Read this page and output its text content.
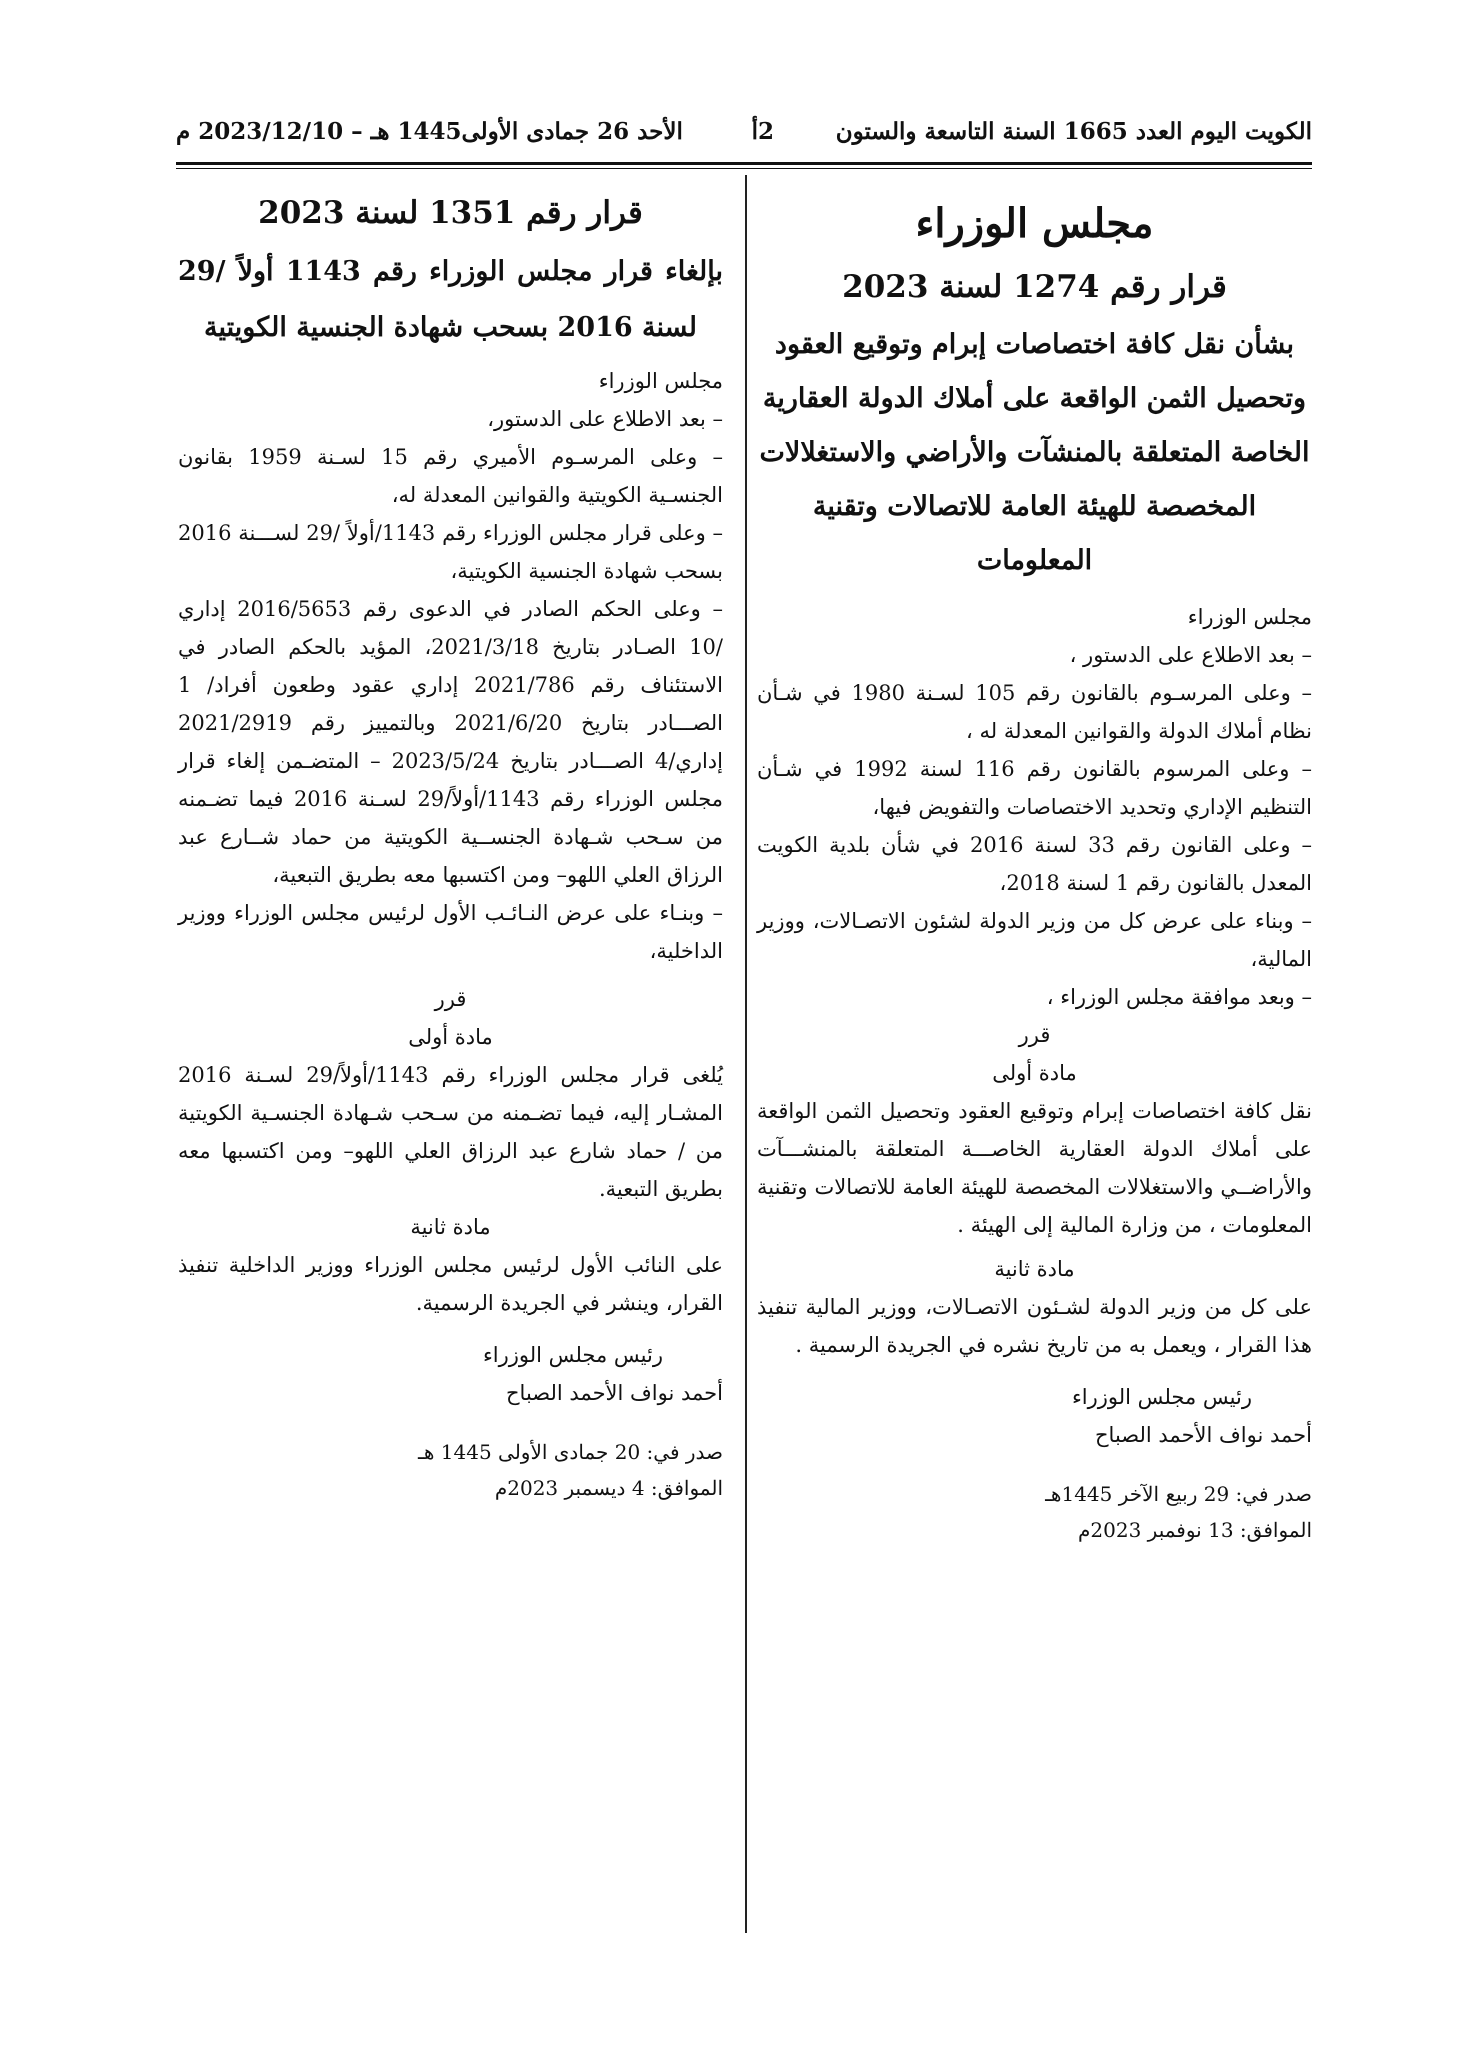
الكويت اليوم العدد 1665 السنة التاسعة والستون
2أ
الأحد 26 جمادى الأولى1445 هـ – 2023/12/10 م
مجلس الوزراء
قرار رقم 1274 لسنة 2023
بشأن نقل كافة اختصاصات إبرام وتوقيع العقود وتحصيل الثمن الواقعة على أملاك الدولة العقارية الخاصة المتعلقة بالمنشآت والأراضي والاستغلالات المخصصة للهيئة العامة للاتصالات وتقنية المعلومات

مجلس الوزراء

– بعد الاطلاع على الدستور ،

– وعلى المرسـوم بالقانون رقم 105 لسـنة 1980 في شـأن نظام أملاك الدولة والقوانين المعدلة له ،

– وعلى المرسوم بالقانون رقم 116 لسنة 1992 في شـأن التنظيم الإداري وتحديد الاختصاصات والتفويض فيها،

– وعلى القانون رقم 33 لسنة 2016 في شأن بلدية الكويت المعدل بالقانون رقم 1 لسنة 2018،

– وبناء على عرض كل من وزير الدولة لشئون الاتصـالات، ووزير المالية،

– وبعد موافقة مجلس الوزراء ،

قرر

مادة أولى

نقل كافة اختصاصات إبرام وتوقيع العقود وتحصيل الثمن الواقعة على أملاك الدولة العقارية الخاصـــة المتعلقة بالمنشـــآت والأراضــي والاستغلالات المخصصة للهيئة العامة للاتصالات وتقنية المعلومات ، من وزارة المالية إلى الهيئة .

مادة ثانية

على كل من وزير الدولة لشـئون الاتصـالات، ووزير المالية تنفيذ هذا القرار ، ويعمل به من تاريخ نشره في الجريدة الرسمية .

رئيس مجلس الوزراء

أحمد نواف الأحمد الصباح

صدر في: 29 ربيع الآخر 1445هـ

الموافق: 13 نوفمبر 2023م

قرار رقم 1351 لسنة 2023
بإلغاء قرار مجلس الوزراء رقم 1143 أولاً /29 لسنة 2016 بسحب شهادة الجنسية الكويتية

مجلس الوزراء

– بعد الاطلاع على الدستور،

– وعلى المرسـوم الأميري رقم 15 لسـنة 1959 بقانون الجنسـية الكويتية والقوانين المعدلة له،

– وعلى قرار مجلس الوزراء رقم 1143/أولاً /29 لســـنة 2016 بسحب شهادة الجنسية الكويتية،

– وعلى الحكم الصادر في الدعوى رقم 2016/5653 إداري /10 الصـادر بتاريخ 2021/3/18، المؤيد بالحكم الصادر في الاستئناف رقم 2021/786 إداري عقود وطعون أفراد/ 1 الصـــادر بتاريخ 2021/6/20 وبالتمييز رقم 2021/2919 إداري/4 الصـــادر بتاريخ 2023/5/24 – المتضـمن إلغاء قرار مجلس الوزراء رقم 1143/أولاً/29 لسـنة 2016 فيما تضـمنه من سـحب شـهادة الجنســية الكويتية من حماد شــارع عبد الرزاق العلي اللهو– ومن اكتسبها معه بطريق التبعية،

– وبنـاء على عرض النـائـب الأول لرئيس مجلس الوزراء ووزير الداخلية،

قرر

مادة أولى

يُلغى قرار مجلس الوزراء رقم 1143/أولاً/29 لسـنة 2016 المشـار إليه، فيما تضـمنه من سـحب شـهادة الجنسـية الكويتية من / حماد شارع عبد الرزاق العلي اللهو– ومن اكتسبها معه بطريق التبعية.

مادة ثانية

على النائب الأول لرئيس مجلس الوزراء ووزير الداخلية تنفيذ القرار، وينشر في الجريدة الرسمية.

رئيس مجلس الوزراء

أحمد نواف الأحمد الصباح

صدر في: 20 جمادى الأولى 1445 هـ

الموافق: 4 ديسمبر 2023م
